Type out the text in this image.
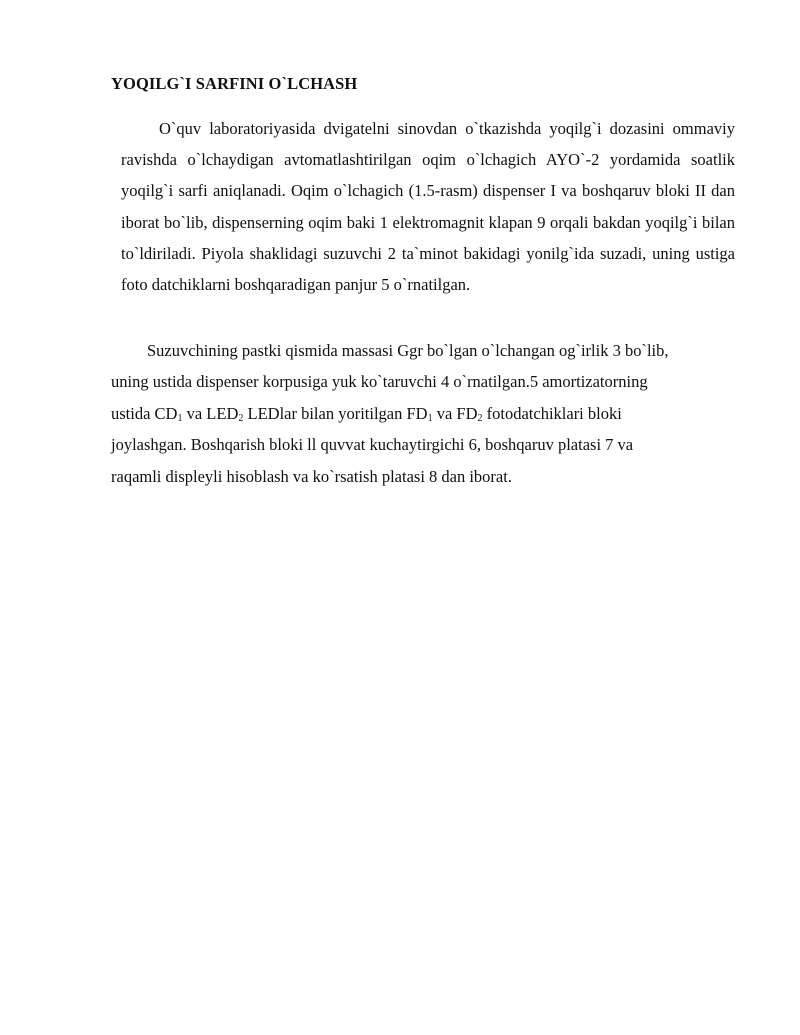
YOQILG`I SARFINI O`LCHASH

O`quv laboratoriyasida dvigatelni sinovdan o`tkazishda yoqilg`i dozasini ommaviy ravishda o`lchaydigan avtomatlashtirilgan oqim o`lchagich AYO`-2 yordamida soatlik yoqilg`i sarfi aniqlanadi. Oqim o`lchagich (1.5-rasm) dispenser I va boshqaruv bloki II dan iborat bo`lib, dispenserning oqim baki 1 elektromagnit klapan 9 orqali bakdan yoqilg`i bilan to`ldiriladi. Piyola shaklidagi suzuvchi 2 ta`minot bakidagi yonilg`ida suzadi, uning ustiga foto datchiklarni boshqaradigan panjur 5 o`rnatilgan.

Suzuvchining pastki qismida massasi Ggr bo`lgan o`lchangan og`irlik 3 bo`lib,
uning ustida dispenser korpusiga yuk ko`taruvchi 4 o`rnatilgan.5 amortizatorning
ustida $CD_1$ va $LED_2$ LEDlar bilan yoritilgan $FD_1$ va $FD_2$ fotodatchiklari bloki
joylashgan. Boshqarish bloki ll quvvat kuchaytirgichi 6, boshqaruv platasi 7 va
raqamli displeyli hisoblash va ko`rsatish platasi 8 dan iborat.
